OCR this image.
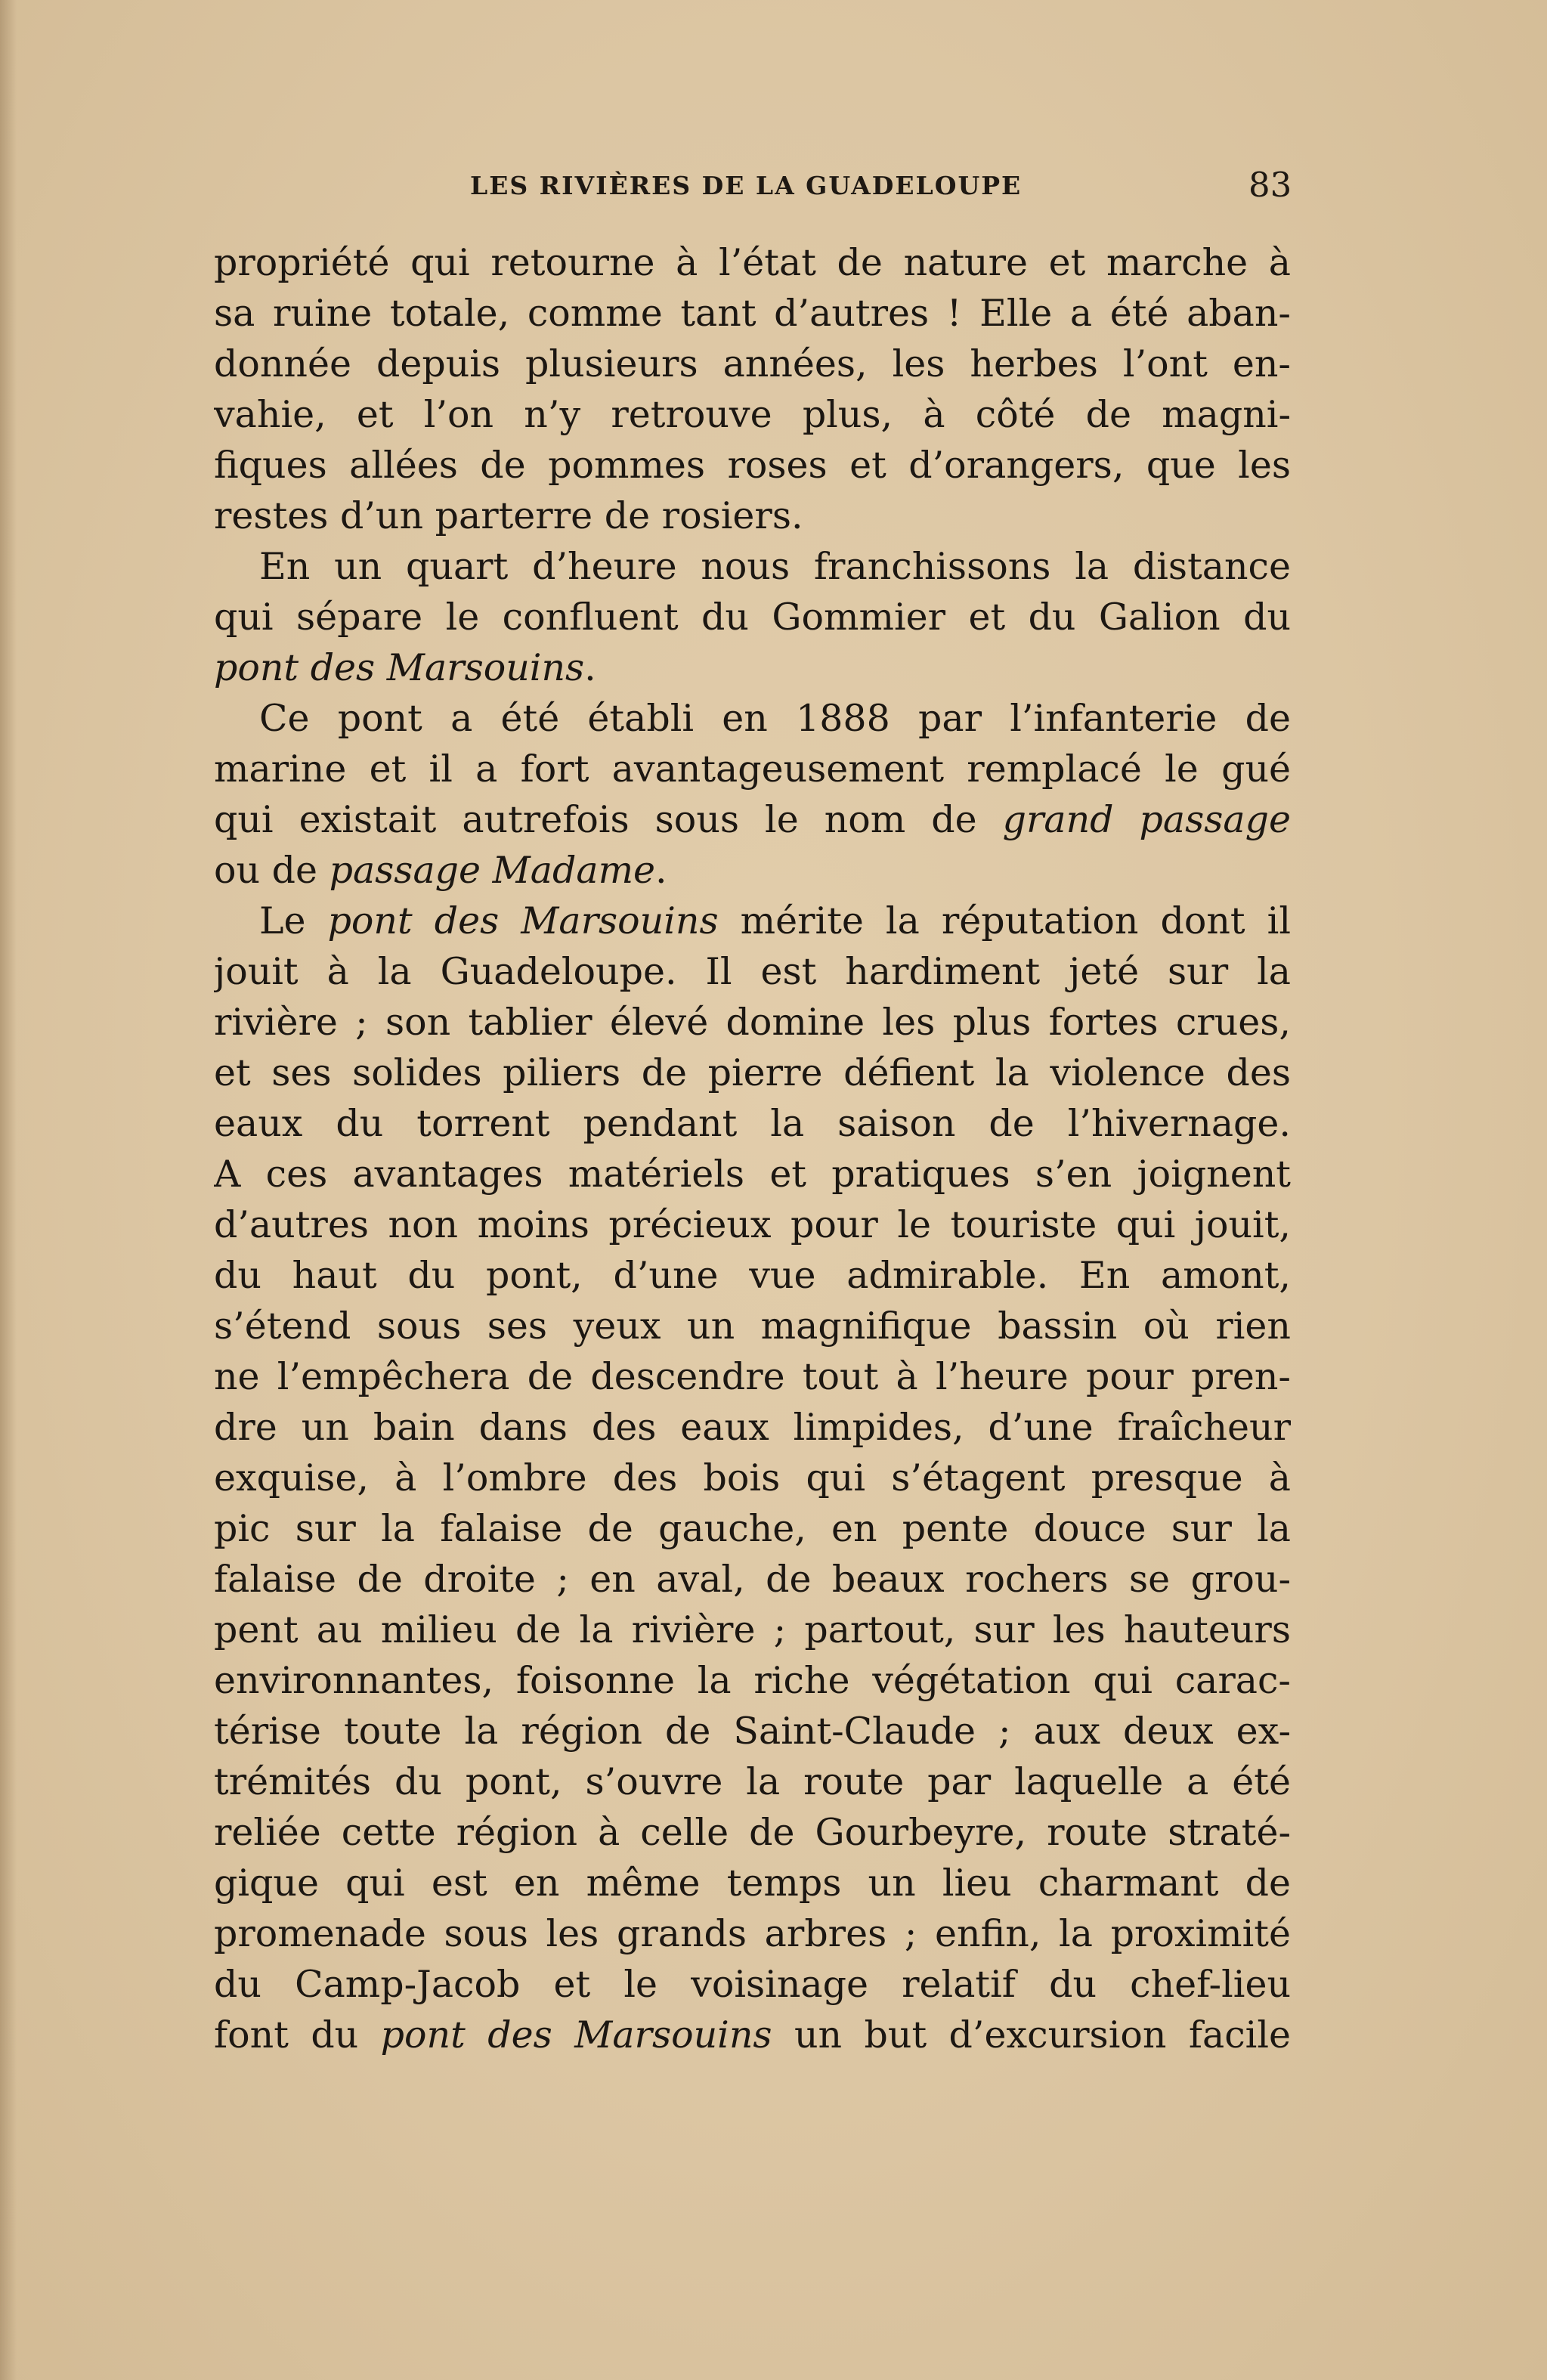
LES RIVIÈRES DE LA GUADELOUPE	83
propriété qui retourne à l’état de nature et marche à
sa ruine totale, comme tant d’autres ! Elle a été aban-
donnée depuis plusieurs années, les herbes l’ont en-
vahie, et l’on n’y retrouve plus, à côté de magni-
fiques allées de pommes roses et d’orangers, que les
restes d’un parterre de rosiers.
En un quart d’heure nous franchissons la distance
qui sépare le confluent du Gommier et du Galion du
pont des Marsouins.
Ce pont a été établi en 1888 par l’infanterie de
marine et il a fort avantageusement remplacé le gué
qui existait autrefois sous le nom de grand passage
ou de passage Madame.
Le pont des Marsouins mérite la réputation dont il
jouit à la Guadeloupe. Il est hardiment jeté sur la
rivière ; son tablier élevé domine les plus fortes crues,
et ses solides piliers de pierre défient la violence des
eaux du torrent pendant la saison de l’hivernage.
A ces avantages matériels et pratiques s’en joignent
d’autres non moins précieux pour le touriste qui jouit,
du haut du pont, d’une vue admirable. En amont,
s’étend sous ses yeux un magnifique bassin où rien
ne l’empêchera de descendre tout à l’heure pour pren-
dre un bain dans des eaux limpides, d’une fraîcheur
exquise, à l’ombre des bois qui s’étagent presque à
pic sur la falaise de gauche, en pente douce sur la
falaise de droite ; en aval, de beaux rochers se grou-
pent au milieu de la rivière ; partout, sur les hauteurs
environnantes, foisonne la riche végétation qui carac-
térise toute la région de Saint-Claude ; aux deux ex-
trémités du pont, s’ouvre la route par laquelle a été
reliée cette région à celle de Gourbeyre, route straté-
gique qui est en même temps un lieu charmant de
promenade sous les grands arbres ; enfin, la proximité
du Camp-Jacob et le voisinage relatif du chef-lieu
font du pont des Marsouins un but d’excursion facile
